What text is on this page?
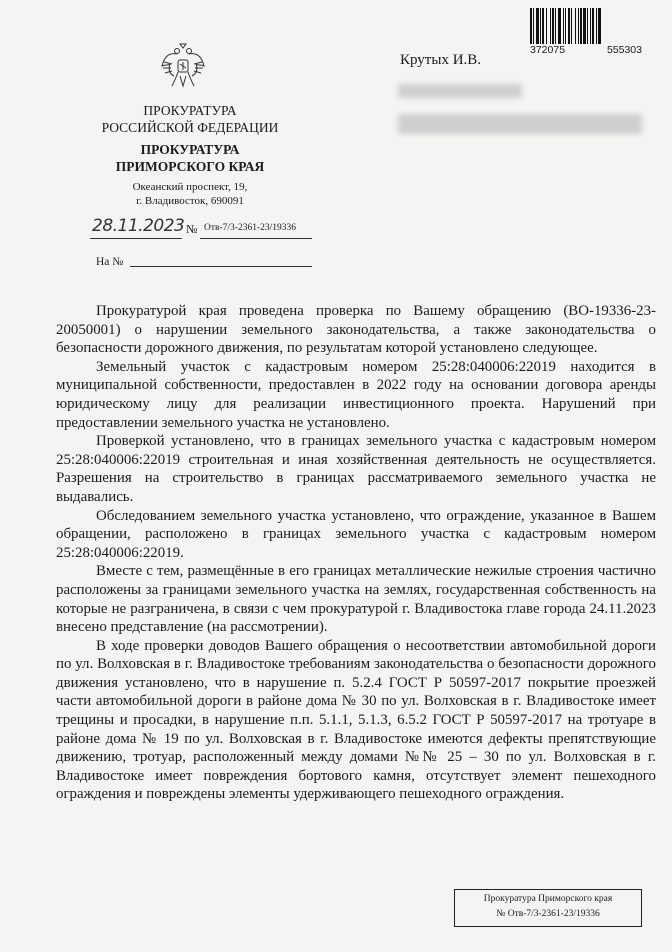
372075	555303
Крутых И.В.
ПРОКУРАТУРА
РОССИЙСКОЙ ФЕДЕРАЦИИ
ПРОКУРАТУРА
ПРИМОРСКОГО КРАЯ
Океанский проспект, 19,
г. Владивосток, 690091
28.11.2023 № Отв-7/3-2361-23/19336
На №

Прокуратурой края проведена проверка по Вашему обращению (ВО-19336-23-20050001) о нарушении земельного законодательства, а также законодательства о безопасности дорожного движения, по результатам которой установлено следующее.

Земельный участок с кадастровым номером 25:28:040006:22019 находится в муниципальной собственности, предоставлен в 2022 году на основании договора аренды юридическому лицу для реализации инвестиционного проекта. Нарушений при предоставлении земельного участка не установлено.

Проверкой установлено, что в границах земельного участка с кадастровым номером 25:28:040006:22019 строительная и иная хозяйственная деятельность не осуществляется. Разрешения на строительство в границах рассматриваемого земельного участка не выдавались.

Обследованием земельного участка установлено, что ограждение, указанное в Вашем обращении, расположено в границах земельного участка с кадастровым номером 25:28:040006:22019.

Вместе с тем, размещённые в его границах металлические нежилые строения частично расположены за границами земельного участка на землях, государственная собственность на которые не разграничена, в связи с чем прокуратурой г. Владивостока главе города 24.11.2023 внесено представление (на рассмотрении).

В ходе проверки доводов Вашего обращения о несоответствии автомобильной дороги по ул. Волховская в г. Владивостоке требованиям законодательства о безопасности дорожного движения установлено, что в нарушение п. 5.2.4 ГОСТ Р 50597-2017 покрытие проезжей части автомобильной дороги в районе дома № 30 по ул. Волховская в г. Владивостоке имеет трещины и просадки, в нарушение п.п. 5.1.1, 5.1.3, 6.5.2 ГОСТ Р 50597-2017 на тротуаре в районе дома № 19 по ул. Волховская в г. Владивостоке имеются дефекты препятствующие движению, тротуар, расположенный между домами №№ 25 – 30 по ул. Волховская в г. Владивостоке имеет повреждения бортового камня, отсутствует элемент пешеходного ограждения и повреждены элементы удерживающего пешеходного ограждения.

Прокуратура Приморского края
№ Отв-7/3-2361-23/19336
